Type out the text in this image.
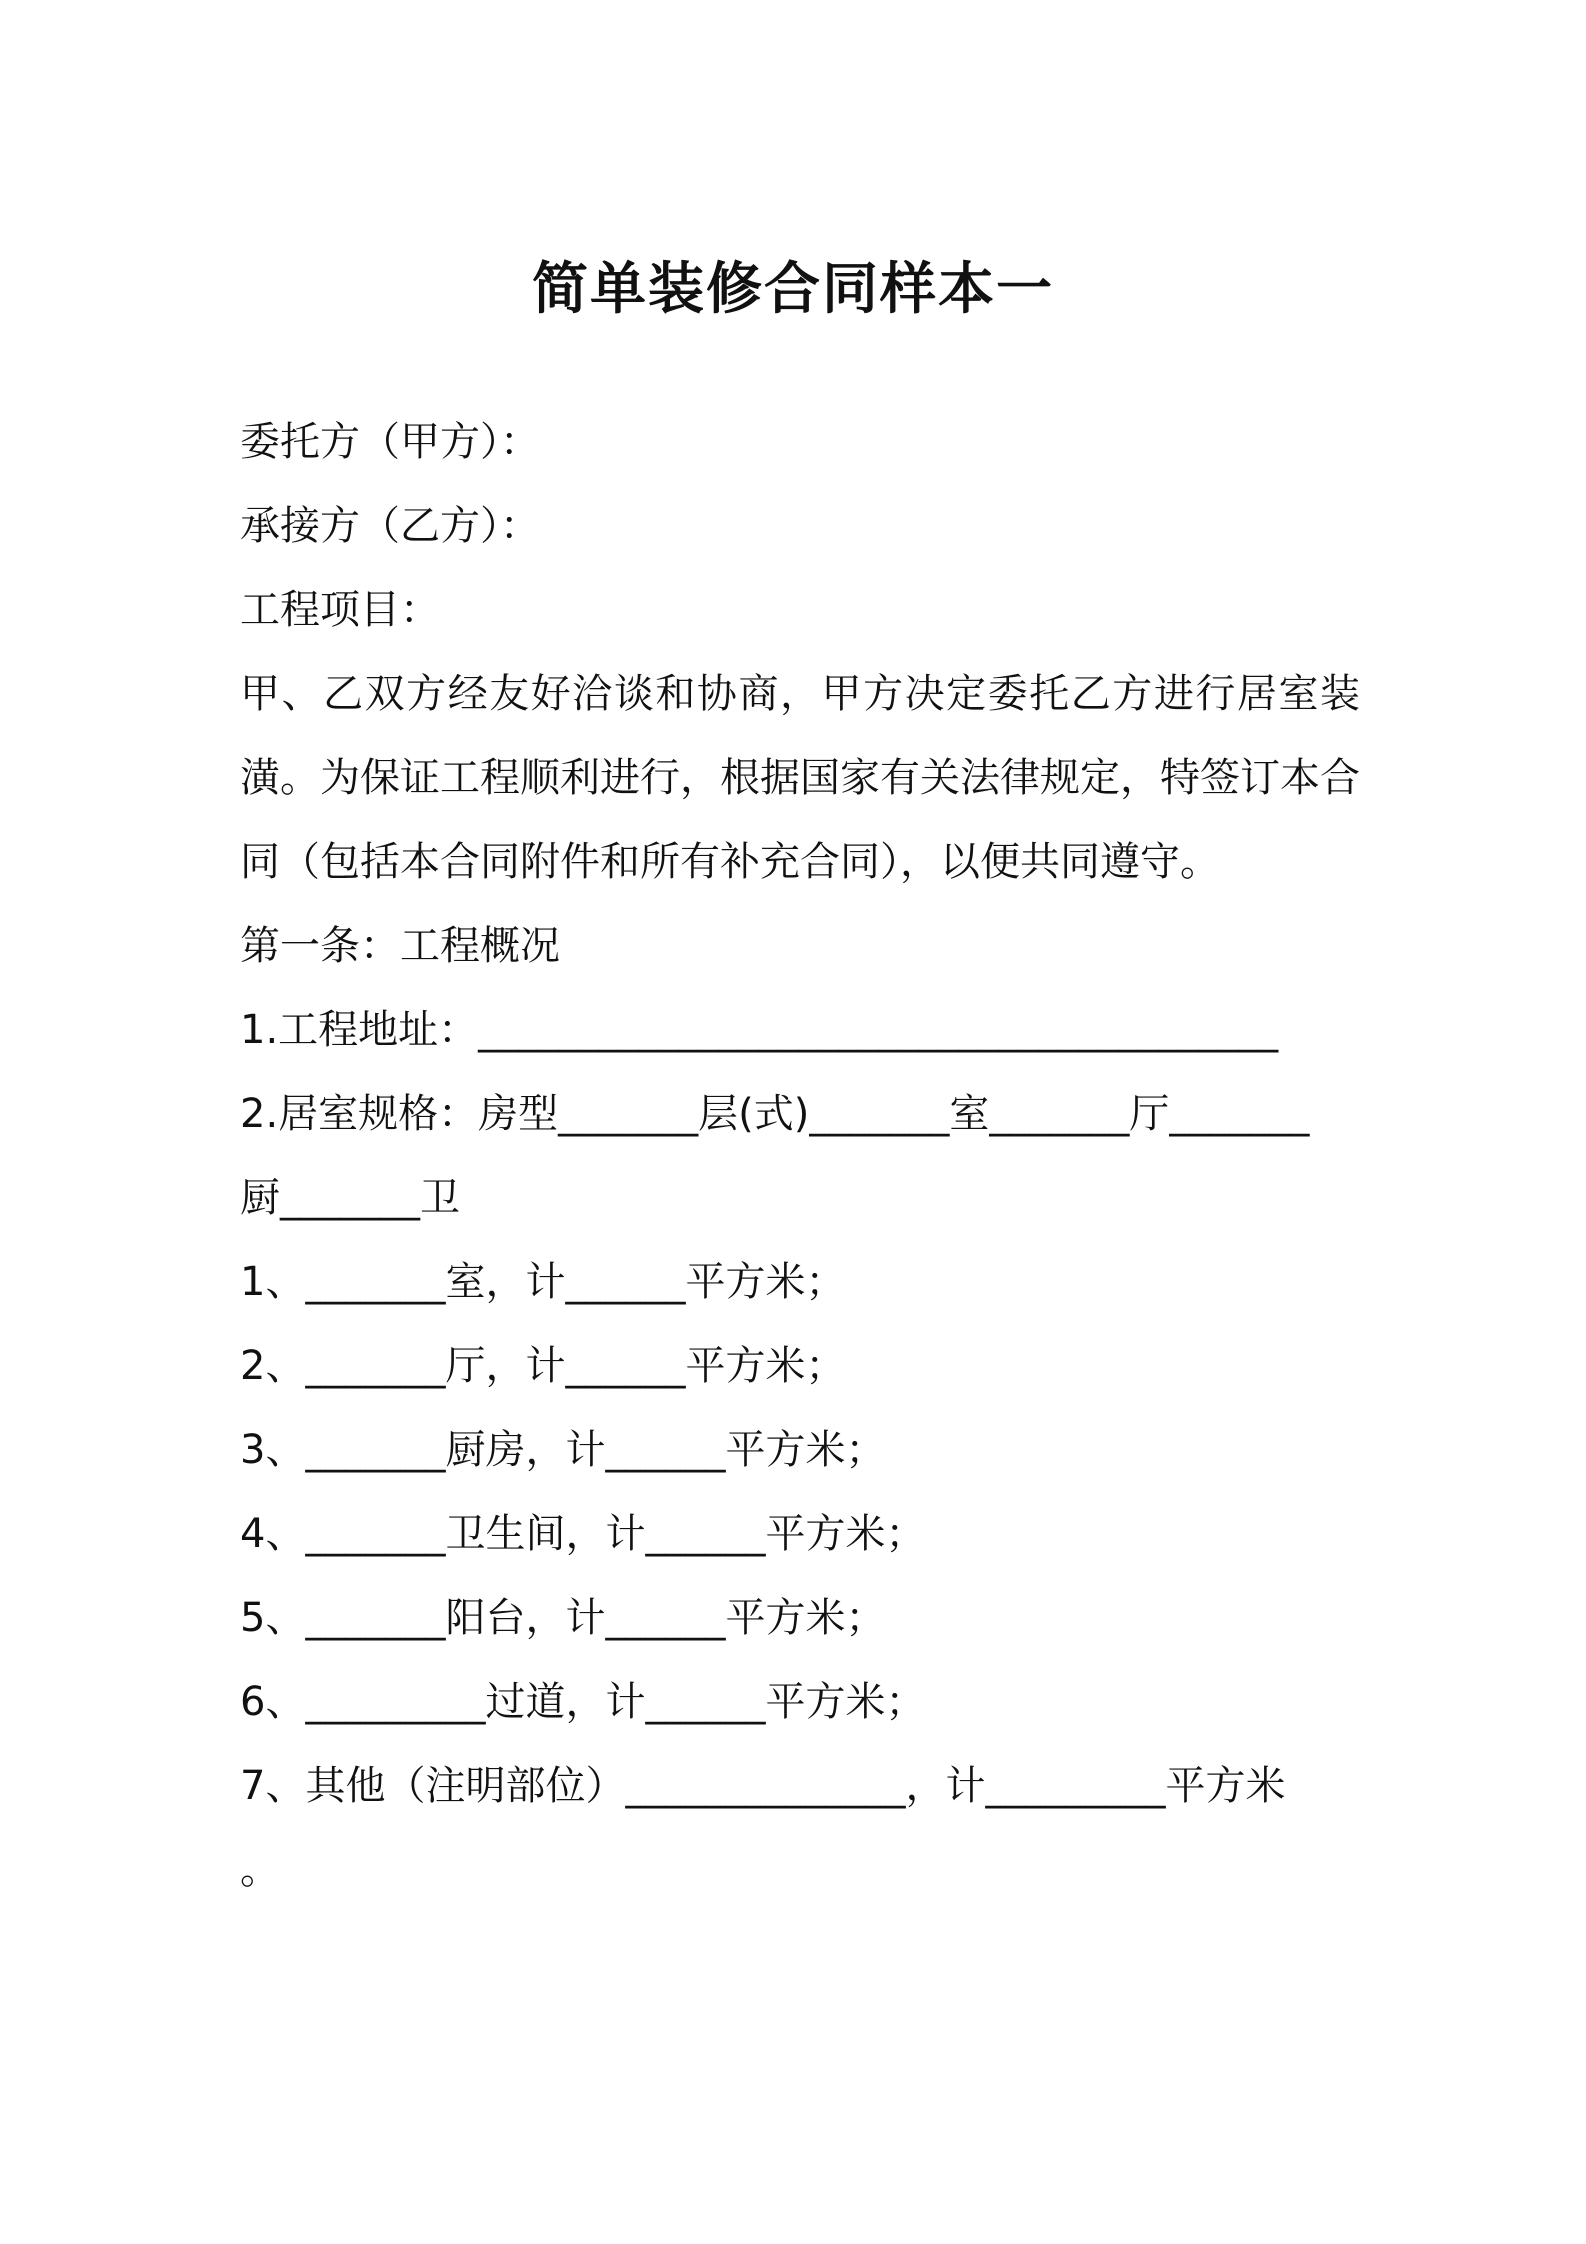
简单装修合同样本一
委托方（甲方）：
承接方（乙方）：
工程项目：
甲、乙双方经友好洽谈和协商，甲方决定委托乙方进行居室装潢。为保证工程顺利进行，根据国家有关法律规定，特签订本合同（包括本合同附件和所有补充合同），以便共同遵守。
第一条：工程概况
1.工程地址：________________________________________
2.居室规格：房型_______层(式)_______室_______厅_______
厨_______卫
1、_______室，计______平方米；
2、_______厅，计______平方米；
3、_______厨房，计______平方米；
4、_______卫生间，计______平方米；
5、_______阳台，计______平方米；
6、_________过道，计______平方米；
7、其他（注明部位）______________，计_________平方米
。
